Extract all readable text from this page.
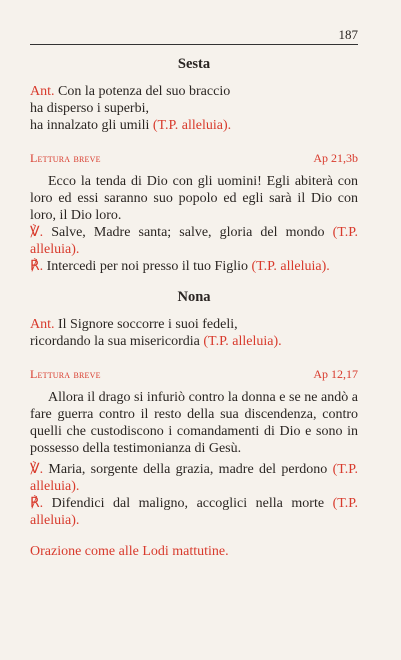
187
Sesta
Ant. Con la potenza del suo braccio
ha disperso i superbi,
ha innalzato gli umili (T.P. alleluia).
Lettura breve	Ap 21,3b

Ecco la tenda di Dio con gli uomini! Egli abiterà con loro ed essi saranno suo popolo ed egli sarà il Dio con loro, il Dio loro.

℣. Salve, Madre santa; salve, gloria del mondo (T.P. alleluia).

℟. Intercedi per noi presso il tuo Figlio (T.P. alleluia).

Nona
Ant. Il Signore soccorre i suoi fedeli,
ricordando la sua misericordia (T.P. alleluia).
Lettura breve	Ap 12,17

Allora il drago si infuriò contro la donna e se ne andò a fare guerra contro il resto della sua discendenza, contro quelli che custodiscono i comandamenti di Dio e sono in possesso della testimonianza di Gesù.

℣. Maria, sorgente della grazia, madre del perdono (T.P. alleluia).

℟. Difendici dal maligno, accoglici nella morte (T.P. alleluia).

Orazione come alle Lodi mattutine.
